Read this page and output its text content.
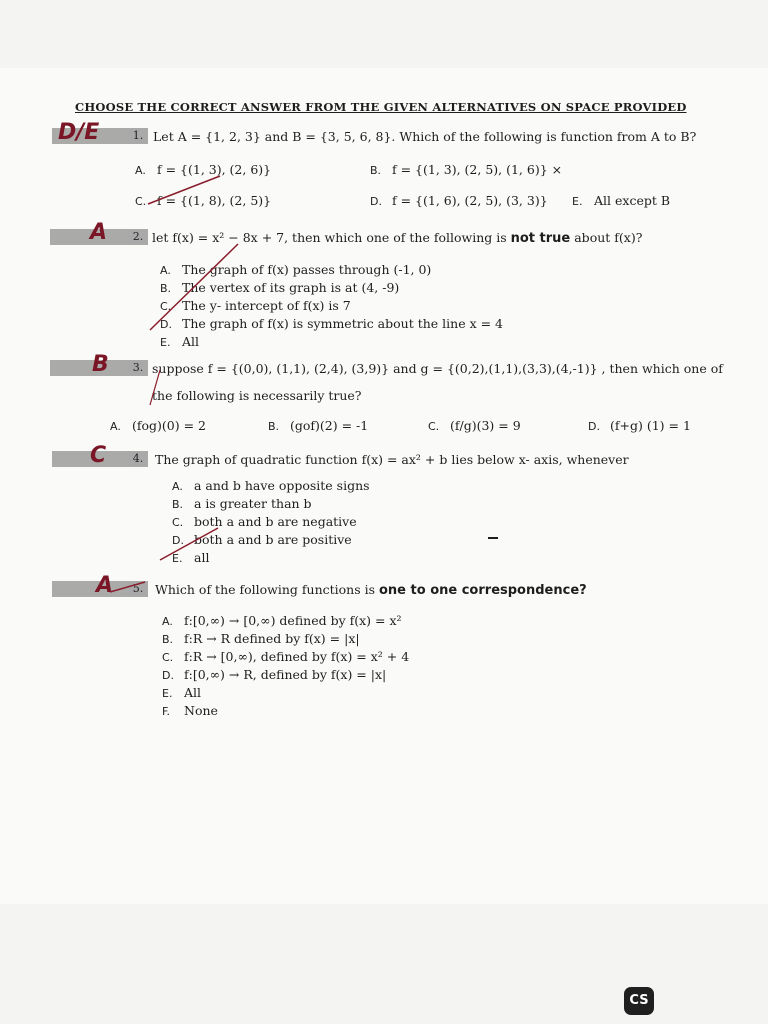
CHOOSE THE CORRECT ANSWER FROM THE GIVEN ALTERNATIVES ON SPACE PROVIDED
1.
D/E	Let A = {1, 2, 3} and B = {3, 5, 6, 8}. Which of the following is function from A to B?
A. f = {(1, 3), (2, 6)}	B. f = {(1, 3), (2, 5), (1, 6)} ×
C. f = {(1, 8), (2, 5)}	D. f = {(1, 6), (2, 5), (3, 3)} E. All except B
2.
A	let f(x) = x² − 8x + 7, then which one of the following is not true about f(x)?
A. The graph of f(x) passes through (-1, 0)
B. The vertex of its graph is at (4, -9)
C. The y- intercept of f(x) is 7
D. The graph of f(x) is symmetric about the line x = 4
E. All
3.
B	suppose f = {(0,0), (1,1), (2,4), (3,9)} and g = {(0,2),(1,1),(3,3),(4,-1)} , then which one of
the following is necessarily true?
A. (fog)(0) = 2	B. (gof)(2) = -1	C. (f/g)(3) = 9	D. (f+g) (1) = 1
4.
C	The graph of quadratic function f(x) = ax² + b lies below x- axis, whenever
A. a and b have opposite signs
B. a is greater than b
C. both a and b are negative
D. both a and b are positive
E. all
5.
A	Which of the following functions is one to one correspondence?
A. f:[0,∞) → [0,∞) defined by f(x) = x²
B. f:R → R defined by f(x) = |x|
C. f:R → [0,∞), defined by f(x) = x² + 4
D. f:[0,∞) → R, defined by f(x) = |x|
E. All
F. None
CS
